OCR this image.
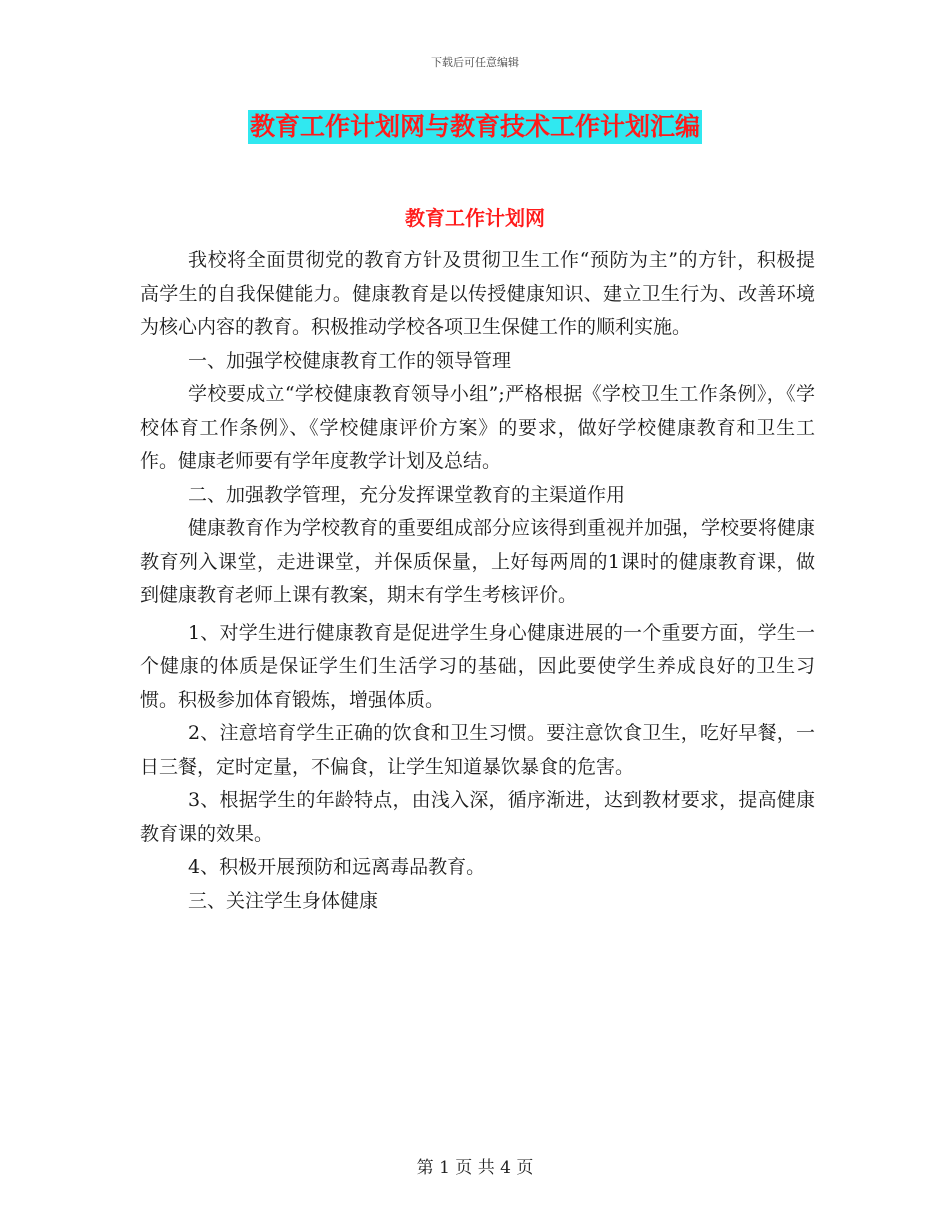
下载后可任意编辑
教育工作计划网与教育技术工作计划汇编
教育工作计划网

我校将全面贯彻党的教育方针及贯彻卫生工作“预防为主”的方针，积极提高学生的自我保健能力。健康教育是以传授健康知识、建立卫生行为、改善环境为核心内容的教育。积极推动学校各项卫生保健工作的顺利实施。

一、加强学校健康教育工作的领导管理

学校要成立“学校健康教育领导小组”;严格根据《学校卫生工作条例》，《学校体育工作条例》、《学校健康评价方案》的要求，做好学校健康教育和卫生工作。健康老师要有学年度教学计划及总结。

二、加强教学管理，充分发挥课堂教育的主渠道作用

健康教育作为学校教育的重要组成部分应该得到重视并加强，学校要将健康教育列入课堂，走进课堂，并保质保量，上好每两周的1课时的健康教育课，做到健康教育老师上课有教案，期末有学生考核评价。

1、对学生进行健康教育是促进学生身心健康进展的一个重要方面，学生一个健康的体质是保证学生们生活学习的基础，因此要使学生养成良好的卫生习惯。积极参加体育锻炼，增强体质。

2、注意培育学生正确的饮食和卫生习惯。要注意饮食卫生，吃好早餐，一日三餐，定时定量，不偏食，让学生知道暴饮暴食的危害。

3、根据学生的年龄特点，由浅入深，循序渐进，达到教材要求，提高健康教育课的效果。

4、积极开展预防和远离毒品教育。

三、关注学生身体健康

第 1 页 共 4 页
